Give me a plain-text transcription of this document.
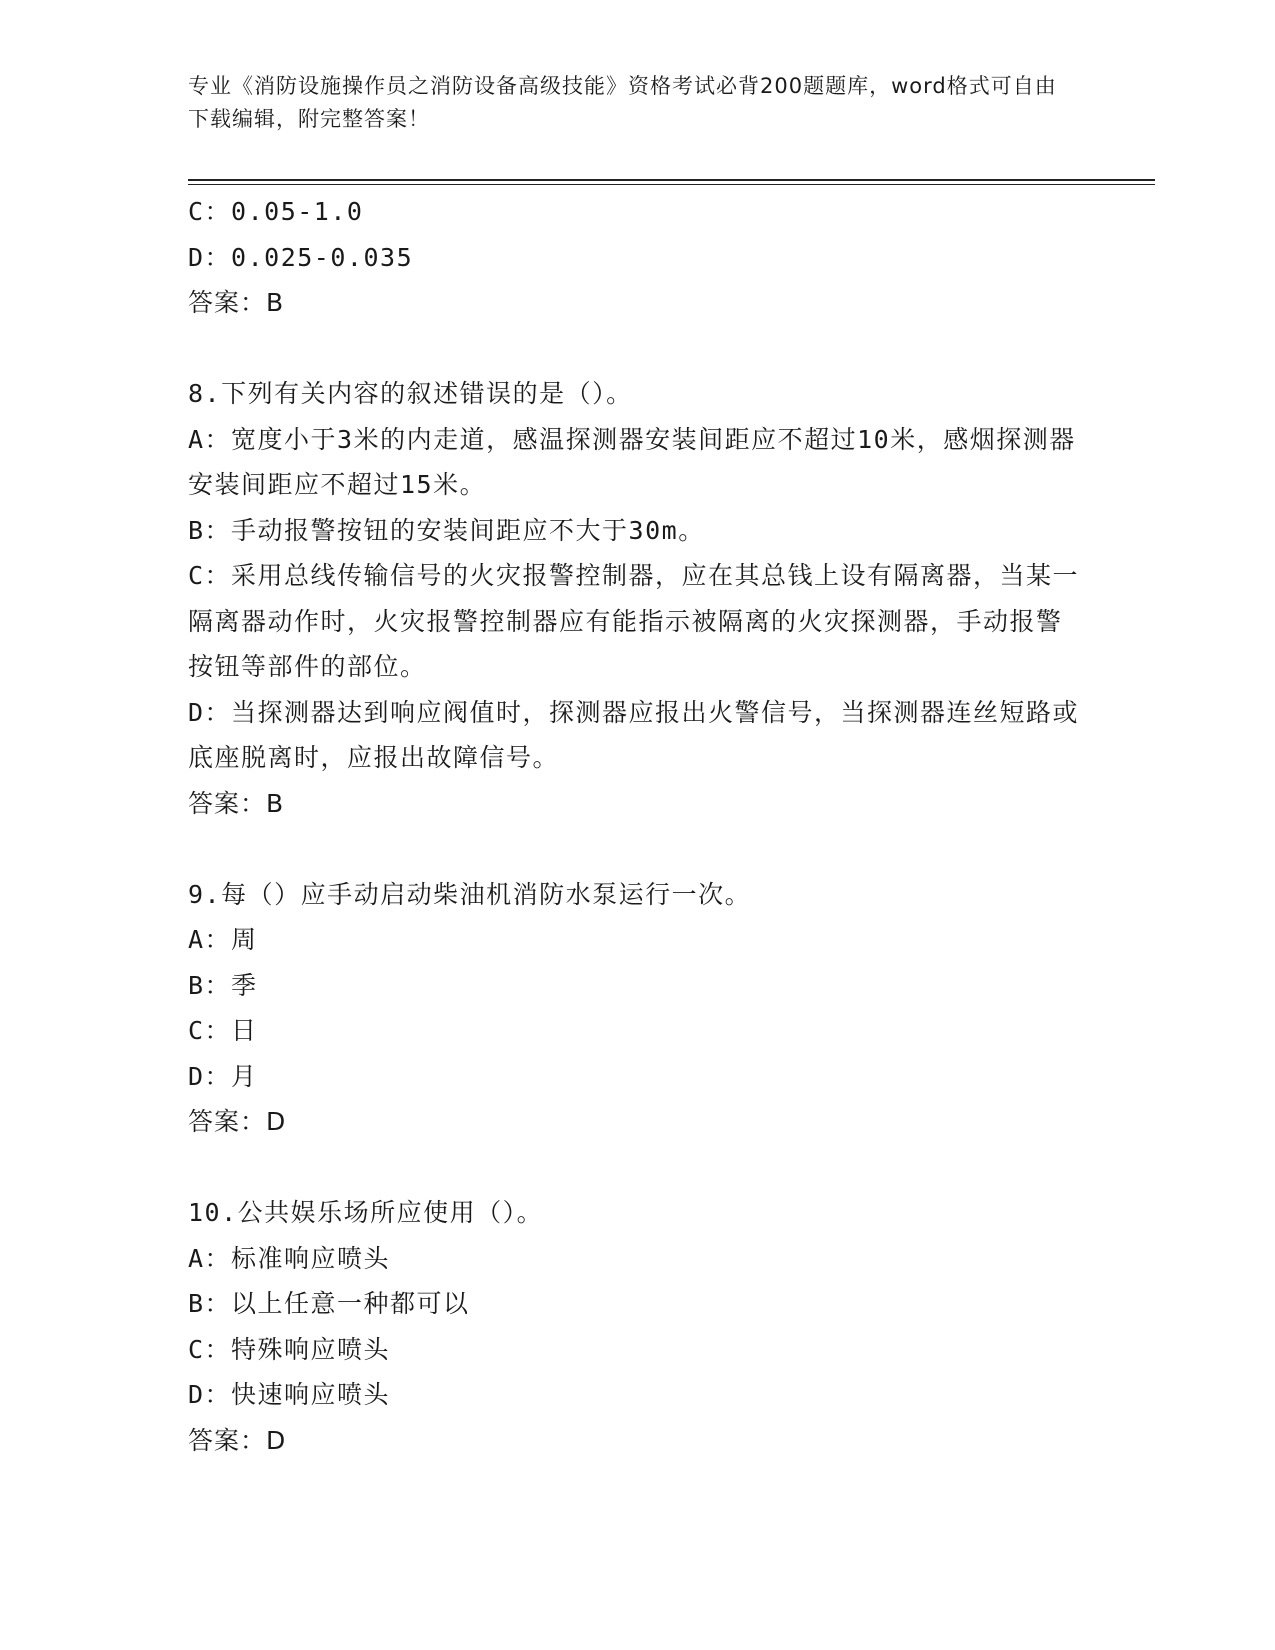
专业《消防设施操作员之消防设备高级技能》资格考试必背200题题库，word格式可自由下载编辑，附完整答案！
C：0.05-1.0
D：0.025-0.035
答案：B
8.下列有关内容的叙述错误的是（）。
A：宽度小于3米的内走道，感温探测器安装间距应不超过10米，感烟探测器安装间距应不超过15米。
B：手动报警按钮的安装间距应不大于30m。
C：采用总线传输信号的火灾报警控制器，应在其总钱上设有隔离器，当某一隔离器动作时，火灾报警控制器应有能指示被隔离的火灾探测器，手动报警按钮等部件的部位。
D：当探测器达到响应阀值时，探测器应报出火警信号，当探测器连丝短路或底座脱离时，应报出故障信号。
答案：B
9.每（）应手动启动柴油机消防水泵运行一次。
A：周
B：季
C：日
D：月
答案：D
10.公共娱乐场所应使用（）。
A：标准响应喷头
B：以上任意一种都可以
C：特殊响应喷头
D：快速响应喷头
答案：D
